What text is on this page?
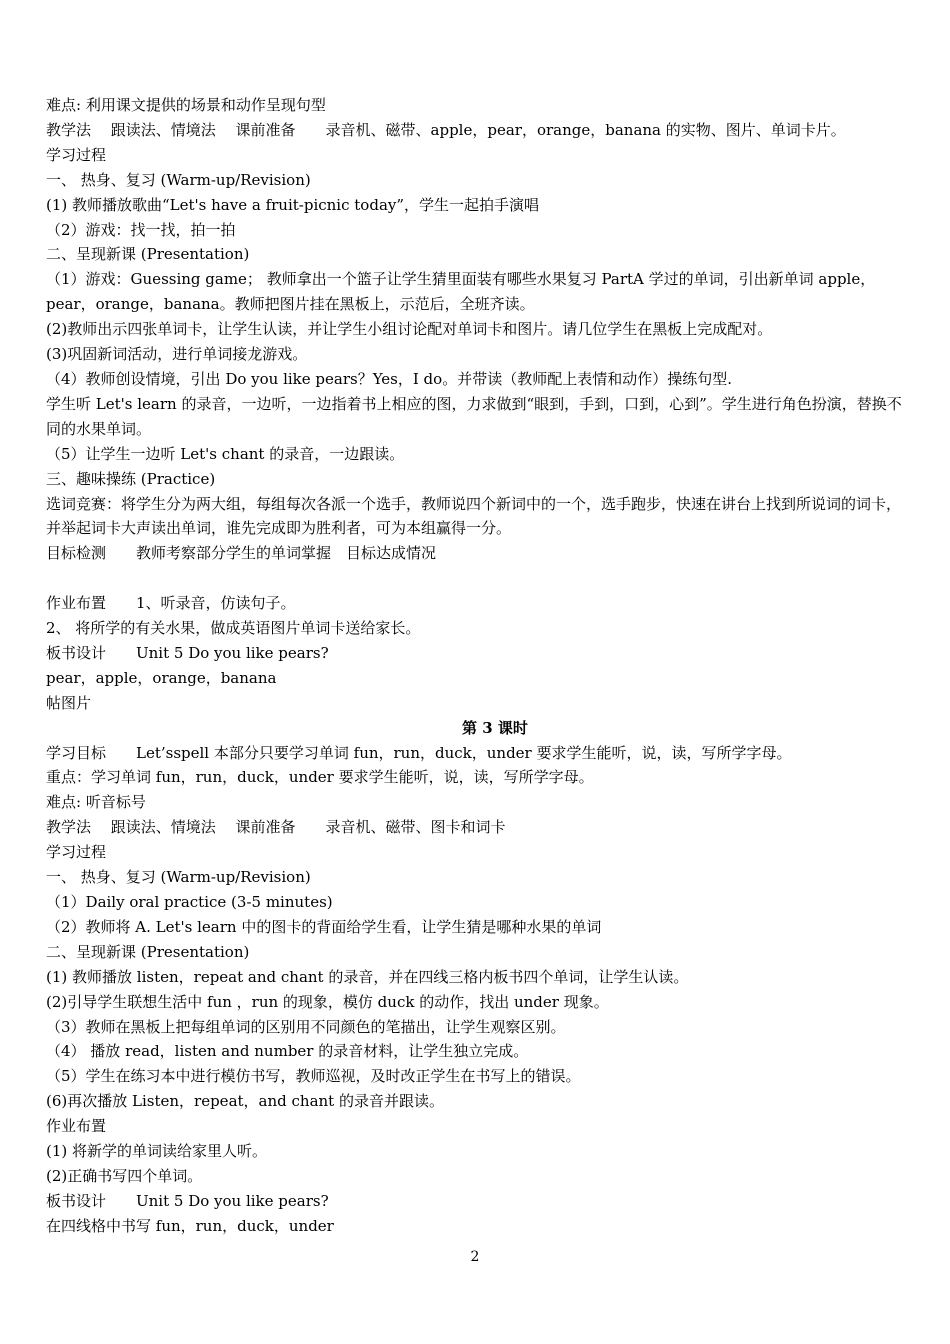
难点: 利用课文提供的场景和动作呈现句型
教学法　 跟读法、情境法　 课前准备　　录音机、磁带、apple，pear，orange，banana 的实物、图片、单词卡片。
学习过程
一、 热身、复习 (Warm-up/Revision)
(1) 教师播放歌曲“Let's have a fruit-picnic today”，学生一起拍手演唱
（2）游戏：找一找，拍一拍
二、呈现新课 (Presentation)
（1）游戏：Guessing game； 教师拿出一个篮子让学生猜里面装有哪些水果复习 PartA 学过的单词，引出新单词 apple，pear，orange，banana。教师把图片挂在黑板上，示范后，全班齐读。
(2)教师出示四张单词卡，让学生认读，并让学生小组讨论配对单词卡和图片。请几位学生在黑板上完成配对。
(3)巩固新词活动，进行单词接龙游戏。
（4）教师创设情境，引出 Do you like pears？Yes，I do。并带读（教师配上表情和动作）操练句型.
学生听 Let's learn 的录音，一边听，一边指着书上相应的图，力求做到“眼到，手到，口到，心到”。学生进行角色扮演，替换不同的水果单词。
（5）让学生一边听 Let's chant 的录音，一边跟读。
三、趣味操练 (Practice)
选词竞赛：将学生分为两大组，每组每次各派一个选手，教师说四个新词中的一个，选手跑步，快速在讲台上找到所说词的词卡，并举起词卡大声读出单词，谁先完成即为胜利者，可为本组赢得一分。
目标检测　　教师考察部分学生的单词掌握　目标达成情况
作业布置　　1、听录音，仿读句子。
2、 将所学的有关水果，做成英语图片单词卡送给家长。
板书设计　　Unit 5 Do you like pears?
pear，apple，orange，banana
帖图片
第 3 课时
学习目标　　Let’sspell 本部分只要学习单词 fun，run，duck，under 要求学生能听，说，读，写所学字母。
重点：学习单词 fun，run，duck，under 要求学生能听，说，读，写所学字母。
难点: 听音标号
教学法　 跟读法、情境法　 课前准备　　录音机、磁带、图卡和词卡
学习过程
一、 热身、复习 (Warm-up/Revision)
（1）Daily oral practice (3-5 minutes)
（2）教师将 A. Let's learn 中的图卡的背面给学生看，让学生猜是哪种水果的单词
二、呈现新课 (Presentation)
(1) 教师播放 listen，repeat and chant 的录音，并在四线三格内板书四个单词，让学生认读。
(2)引导学生联想生活中 fun ，run 的现象，模仿 duck 的动作，找出 under 现象。
（3）教师在黑板上把每组单词的区别用不同颜色的笔描出，让学生观察区别。
（4） 播放 read，listen and number 的录音材料，让学生独立完成。
（5）学生在练习本中进行模仿书写，教师巡视，及时改正学生在书写上的错误。
(6)再次播放 Listen，repeat，and chant 的录音并跟读。
作业布置
(1) 将新学的单词读给家里人听。
(2)正确书写四个单词。
板书设计　　Unit 5 Do you like pears?
在四线格中书写 fun，run，duck，under
2
